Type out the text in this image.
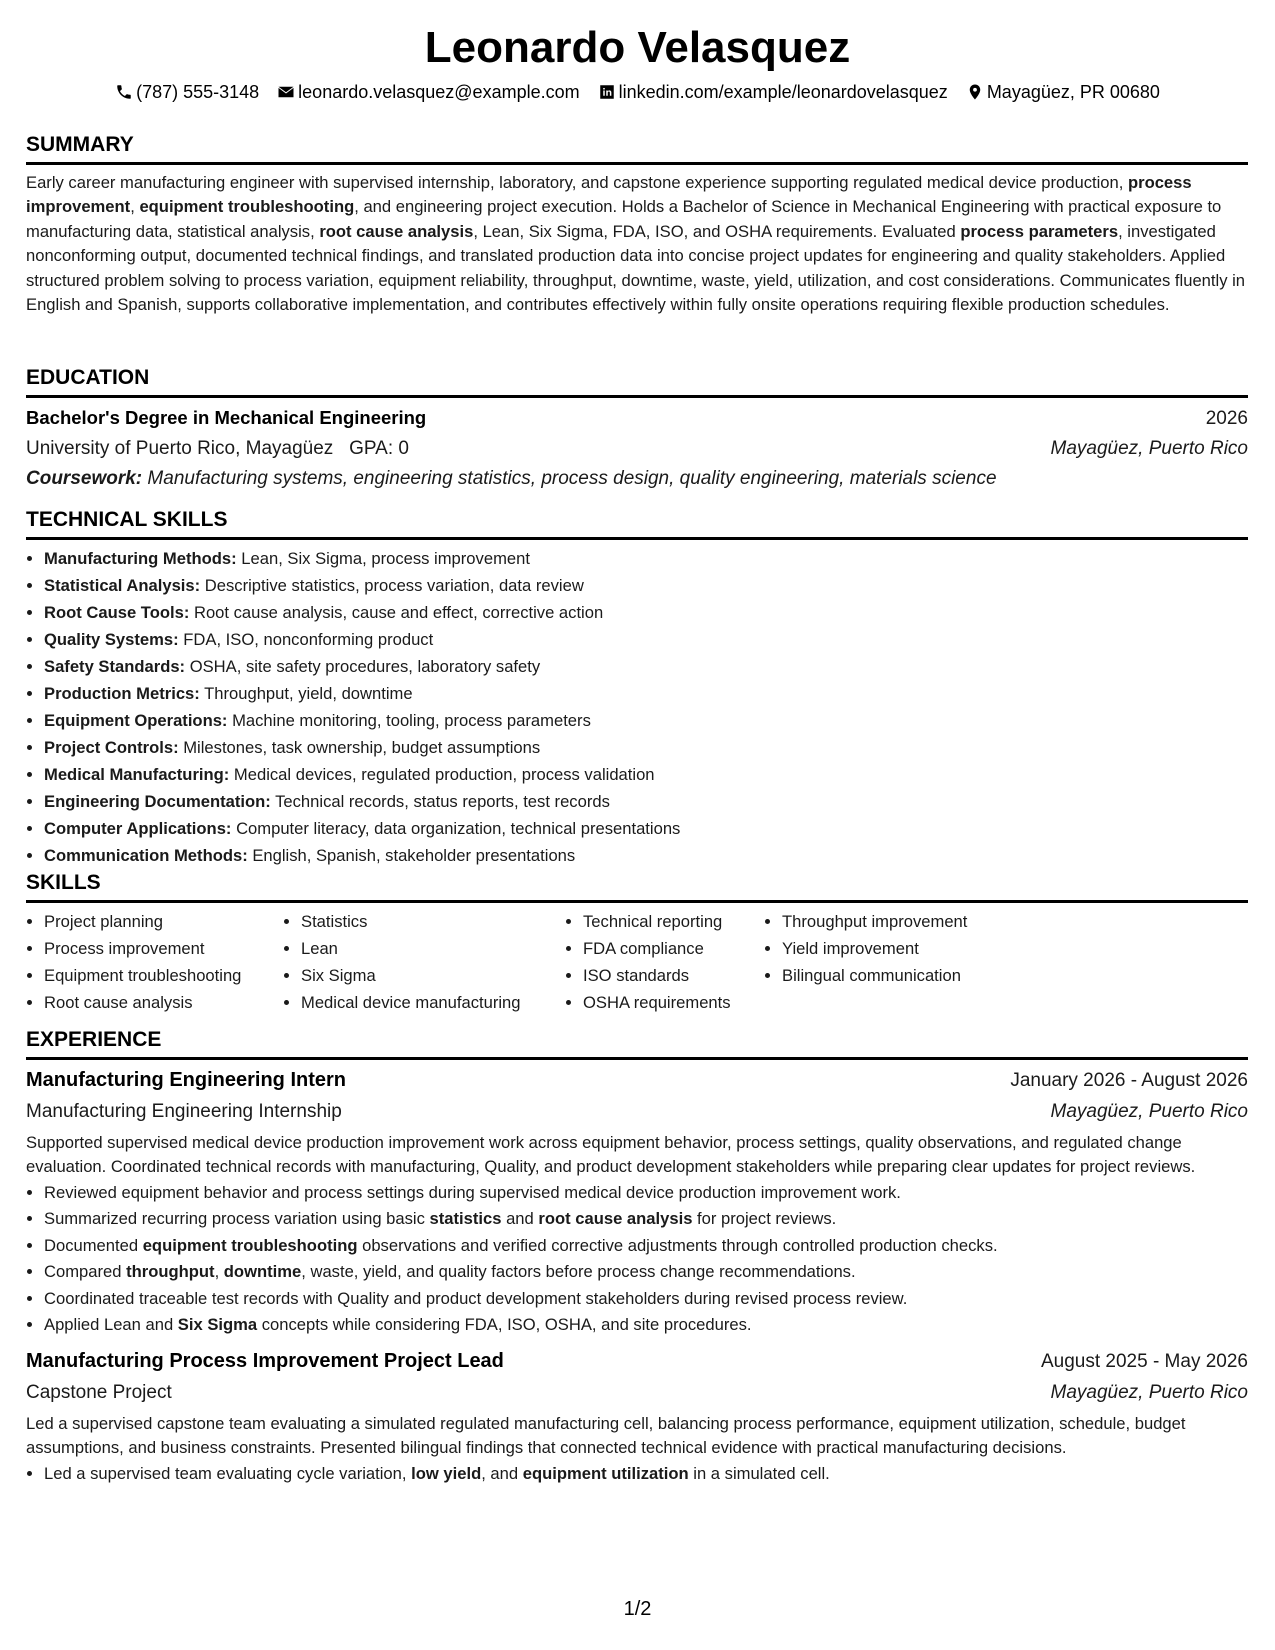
Leonardo Velasquez
(787) 555-3148 leonardo.velasquez@example.com linkedin.com/example/leonardovelasquez Mayagüez, PR 00680
SUMMARY
Early career manufacturing engineer with supervised internship, laboratory, and capstone experience supporting regulated medical device production, process improvement, equipment troubleshooting, and engineering project execution. Holds a Bachelor of Science in Mechanical Engineering with practical exposure to manufacturing data, statistical analysis, root cause analysis, Lean, Six Sigma, FDA, ISO, and OSHA requirements. Evaluated process parameters, investigated nonconforming output, documented technical findings, and translated production data into concise project updates for engineering and quality stakeholders. Applied structured problem solving to process variation, equipment reliability, throughput, downtime, waste, yield, utilization, and cost considerations. Communicates fluently in English and Spanish, supports collaborative implementation, and contributes effectively within fully onsite operations requiring flexible production schedules.
EDUCATION
Bachelor's Degree in Mechanical Engineering	2026
University of Puerto Rico, Mayagüez GPA: 0	Mayagüez, Puerto Rico
Coursework: Manufacturing systems, engineering statistics, process design, quality engineering, materials science
TECHNICAL SKILLS
• Manufacturing Methods: Lean, Six Sigma, process improvement
• Statistical Analysis: Descriptive statistics, process variation, data review
• Root Cause Tools: Root cause analysis, cause and effect, corrective action
• Quality Systems: FDA, ISO, nonconforming product
• Safety Standards: OSHA, site safety procedures, laboratory safety
• Production Metrics: Throughput, yield, downtime
• Equipment Operations: Machine monitoring, tooling, process parameters
• Project Controls: Milestones, task ownership, budget assumptions
• Medical Manufacturing: Medical devices, regulated production, process validation
• Engineering Documentation: Technical records, status reports, test records
• Computer Applications: Computer literacy, data organization, technical presentations
• Communication Methods: English, Spanish, stakeholder presentations
SKILLS
• Project planning
• Process improvement
• Equipment troubleshooting
• Root cause analysis
• Statistics
• Lean
• Six Sigma
• Medical device manufacturing
• Technical reporting
• FDA compliance
• ISO standards
• OSHA requirements
• Throughput improvement
• Yield improvement
• Bilingual communication
EXPERIENCE
Manufacturing Engineering Intern	January 2026 - August 2026
Manufacturing Engineering Internship	Mayagüez, Puerto Rico
Supported supervised medical device production improvement work across equipment behavior, process settings, quality observations, and regulated change evaluation. Coordinated technical records with manufacturing, Quality, and product development stakeholders while preparing clear updates for project reviews.
• Reviewed equipment behavior and process settings during supervised medical device production improvement work.
• Summarized recurring process variation using basic statistics and root cause analysis for project reviews.
• Documented equipment troubleshooting observations and verified corrective adjustments through controlled production checks.
• Compared throughput, downtime, waste, yield, and quality factors before process change recommendations.
• Coordinated traceable test records with Quality and product development stakeholders during revised process review.
• Applied Lean and Six Sigma concepts while considering FDA, ISO, OSHA, and site procedures.
Manufacturing Process Improvement Project Lead	August 2025 - May 2026
Capstone Project	Mayagüez, Puerto Rico
Led a supervised capstone team evaluating a simulated regulated manufacturing cell, balancing process performance, equipment utilization, schedule, budget assumptions, and business constraints. Presented bilingual findings that connected technical evidence with practical manufacturing decisions.
• Led a supervised team evaluating cycle variation, low yield, and equipment utilization in a simulated cell.
1/2
